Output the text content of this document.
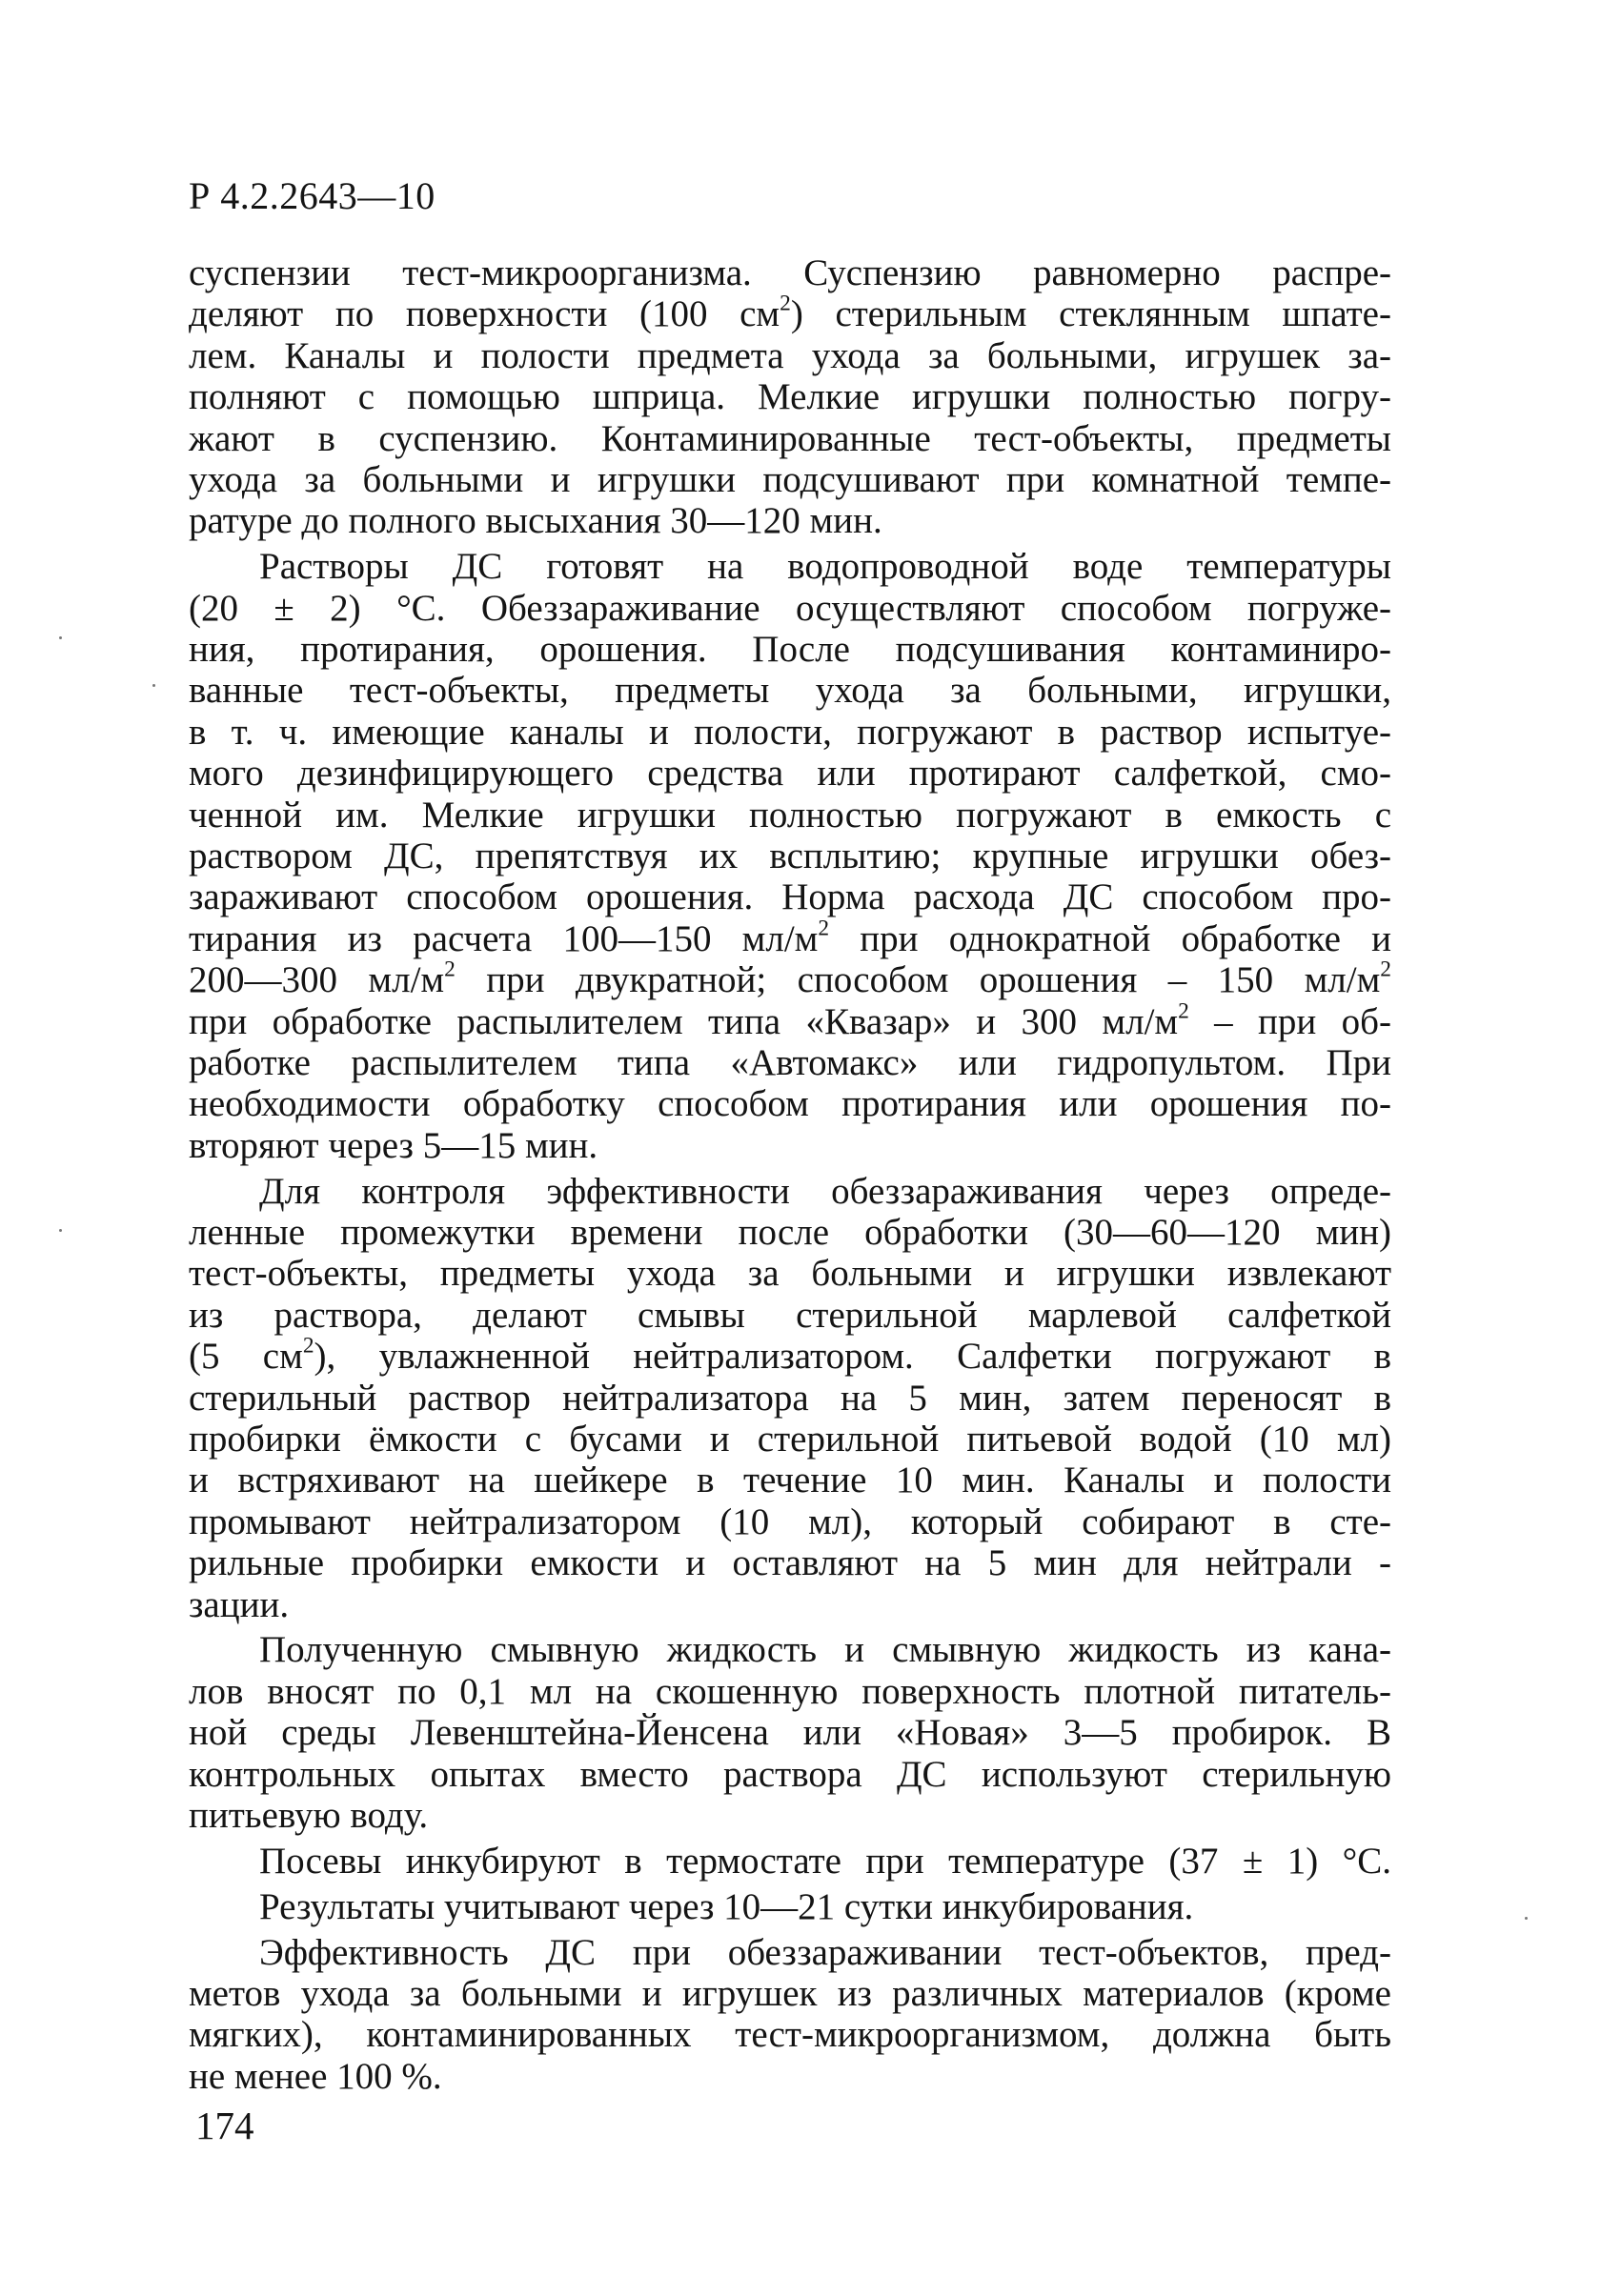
Р 4.2.2643—10
суспензии тест-микроорганизма. Суспензию равномерно распре-
деляют по поверхности (100 $см^2$) стерильным стеклянным шпате-
лем. Каналы и полости предмета ухода за больными, игрушек за-
полняют с помощью шприца. Мелкие игрушки полностью погру-
жают в суспензию. Контаминированные тест-объекты, предметы
ухода за больными и игрушки подсушивают при комнатной темпе-
ратуре до полного высыхания 30—120 мин.
Растворы ДС готовят на водопроводной воде температуры
(20 ± 2) °С. Обеззараживание осуществляют способом погруже-
ния, протирания, орошения. После подсушивания контаминиро-
ванные тест-объекты, предметы ухода за больными, игрушки,
в т. ч. имеющие каналы и полости, погружают в раствор испытуе-
мого дезинфицирующего средства или протирают салфеткой, смо-
ченной им. Мелкие игрушки полностью погружают в емкость с
раствором ДС, препятствуя их всплытию; крупные игрушки обез-
зараживают способом орошения. Норма расхода ДС способом про-
тирания из расчета 100—150 $мл/м^2$ при однократной обработке и
200—300 $мл/м^2$ при двукратной; способом орошения – 150 $мл/м^2$
при обработке распылителем типа «Квазар» и 300 $мл/м^2$ – при об-
работке распылителем типа «Автомакс» или гидропультом. При
необходимости обработку способом протирания или орошения по-
вторяют через 5—15 мин.
Для контроля эффективности обеззараживания через опреде-
ленные промежутки времени после обработки (30—60—120 мин)
тест-объекты, предметы ухода за больными и игрушки извлекают
из раствора, делают смывы стерильной марлевой салфеткой
(5 $см^2$), увлажненной нейтрализатором. Салфетки погружают в
стерильный раствор нейтрализатора на 5 мин, затем переносят в
пробирки ёмкости с бусами и стерильной питьевой водой (10 мл)
и встряхивают на шейкере в течение 10 мин. Каналы и полости
промывают нейтрализатором (10 мл), который собирают в сте-
рильные пробирки емкости и оставляют на 5 мин для нейтрали -
зации.
Полученную смывную жидкость и смывную жидкость из кана-
лов вносят по 0,1 мл на скошенную поверхность плотной питатель-
ной среды Левенштейна-Йенсена или «Новая» 3—5 пробирок. В
контрольных опытах вместо раствора ДС используют стерильную
питьевую воду.
Посевы инкубируют в термостате при температуре (37 ± 1) °С.
Результаты учитывают через 10—21 сутки инкубирования.
Эффективность ДС при обеззараживании тест-объектов, пред-
метов ухода за больными и игрушек из различных материалов (кроме
мягких), контаминированных тест-микроорганизмом, должна быть
не менее 100 %.
174
